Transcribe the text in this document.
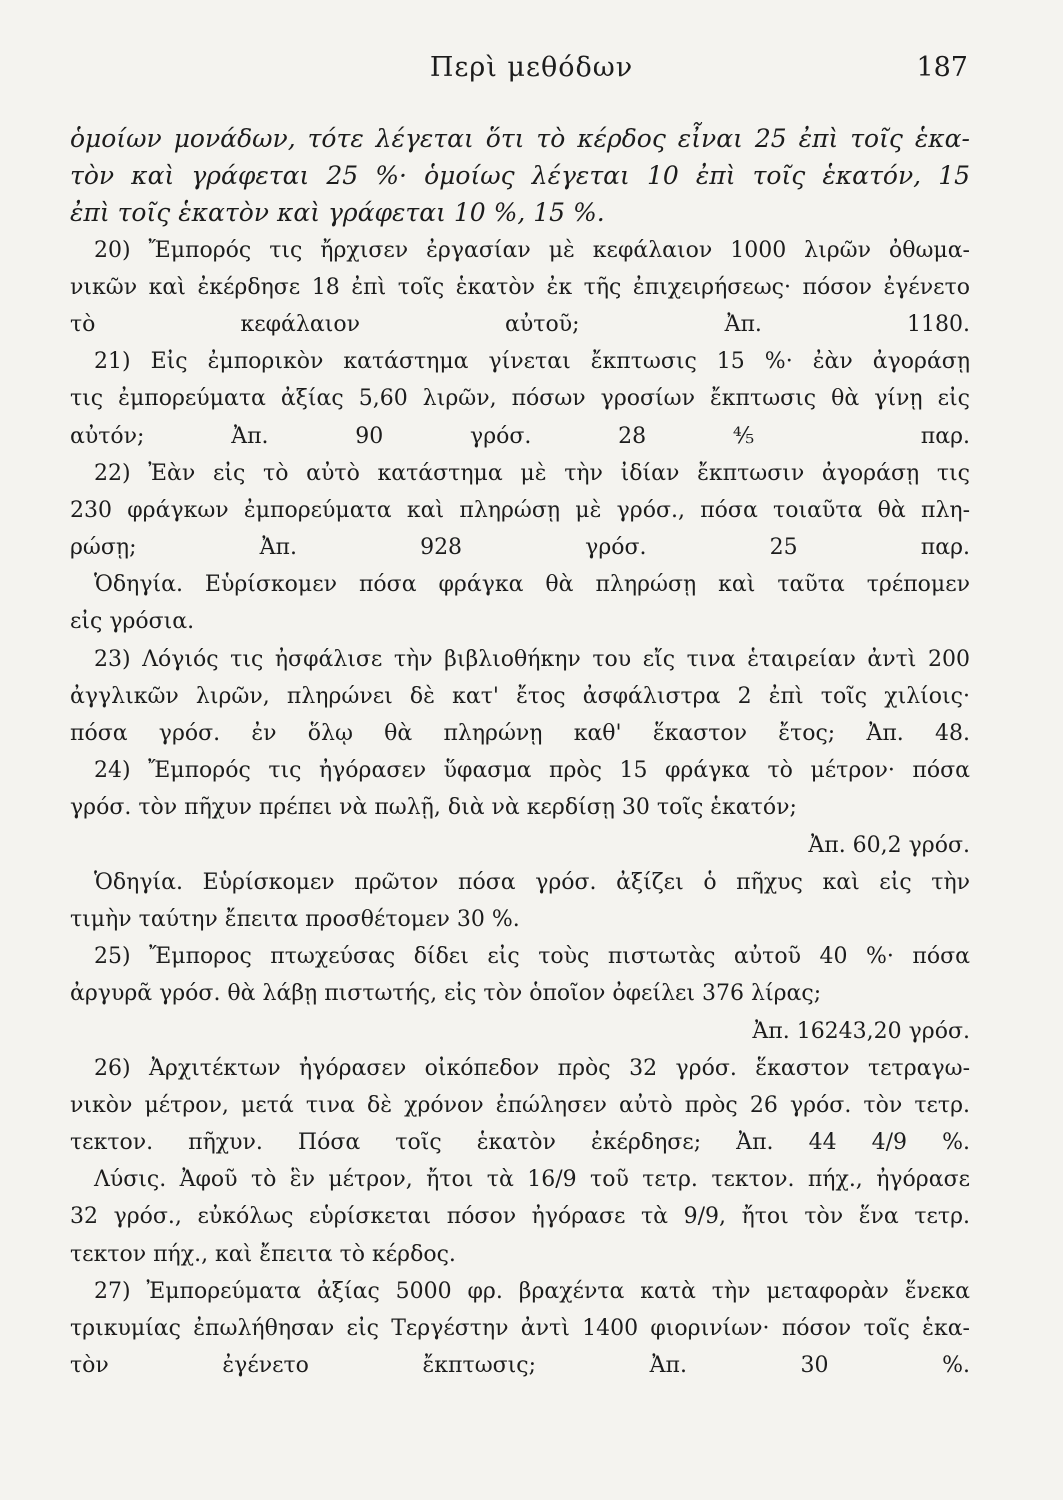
Περὶ μεθόδων	187
ὁμοίων μονάδων, τότε λέγεται ὅτι τὸ κέρδος εἶναι 25 ἐπὶ τοῖς ἑκα-
τὸν καὶ γράφεται 25 %· ὁμοίως λέγεται 10 ἐπὶ τοῖς ἑκατόν, 15
ἐπὶ τοῖς ἑκατὸν καὶ γράφεται 10 %, 15 %.
20) Ἔμπορός τις ἤρχισεν ἐργασίαν μὲ κεφάλαιον 1000 λιρῶν ὀθωμα-
νικῶν καὶ ἐκέρδησε 18 ἐπὶ τοῖς ἑκατὸν ἐκ τῆς ἐπιχειρήσεως· πόσον ἐγένετο
τὸ κεφάλαιον αὐτοῦ; Ἀπ. 1180.
21) Εἰς ἐμπορικὸν κατάστημα γίνεται ἔκπτωσις 15 %· ἐὰν ἀγοράσῃ
τις ἐμπορεύματα ἀξίας 5,60 λιρῶν, πόσων γροσίων ἔκπτωσις θὰ γίνῃ εἰς
αὐτόν; Ἀπ. 90 γρόσ. 28 ⅘ παρ.
22) Ἐὰν εἰς τὸ αὐτὸ κατάστημα μὲ τὴν ἰδίαν ἔκπτωσιν ἀγοράσῃ τις
230 φράγκων ἐμπορεύματα καὶ πληρώσῃ μὲ γρόσ., πόσα τοιαῦτα θὰ πλη-
ρώσῃ; Ἀπ. 928 γρόσ. 25 παρ.
Ὁδηγία. Εὑρίσκομεν πόσα φράγκα θὰ πληρώσῃ καὶ ταῦτα τρέπομεν
εἰς γρόσια.
23) Λόγιός τις ἠσφάλισε τὴν βιβλιοθήκην του εἴς τινα ἑταιρείαν ἀντὶ 200
ἀγγλικῶν λιρῶν, πληρώνει δὲ κατ' ἔτος ἀσφάλιστρα 2 ἐπὶ τοῖς χιλίοις·
πόσα γρόσ. ἐν ὅλῳ θὰ πληρώνῃ καθ' ἕκαστον ἔτος; Ἀπ. 48.
24) Ἔμπορός τις ἠγόρασεν ὕφασμα πρὸς 15 φράγκα τὸ μέτρον· πόσα
γρόσ. τὸν πῆχυν πρέπει νὰ πωλῇ, διὰ νὰ κερδίσῃ 30 τοῖς ἑκατόν;
Ἀπ. 60,2 γρόσ.
Ὁδηγία. Εὑρίσκομεν πρῶτον πόσα γρόσ. ἀξίζει ὁ πῆχυς καὶ εἰς τὴν
τιμὴν ταύτην ἔπειτα προσθέτομεν 30 %.
25) Ἔμπορος πτωχεύσας δίδει εἰς τοὺς πιστωτὰς αὐτοῦ 40 %· πόσα
ἀργυρᾶ γρόσ. θὰ λάβῃ πιστωτής, εἰς τὸν ὁποῖον ὀφείλει 376 λίρας;
Ἀπ. 16243,20 γρόσ.
26) Ἀρχιτέκτων ἠγόρασεν οἰκόπεδον πρὸς 32 γρόσ. ἕκαστον τετραγω-
νικὸν μέτρον, μετά τινα δὲ χρόνον ἐπώλησεν αὐτὸ πρὸς 26 γρόσ. τὸν τετρ.
τεκτον. πῆχυν. Πόσα τοῖς ἑκατὸν ἐκέρδησε; Ἀπ. 44 4/9 %.
Λύσις. Ἀφοῦ τὸ ἓν μέτρον, ἤτοι τὰ 16/9 τοῦ τετρ. τεκτον. πήχ., ἠγόρασε
32 γρόσ., εὐκόλως εὑρίσκεται πόσον ἠγόρασε τὰ 9/9, ἤτοι τὸν ἕνα τετρ.
τεκτον πήχ., καὶ ἔπειτα τὸ κέρδος.
27) Ἐμπορεύματα ἀξίας 5000 φρ. βραχέντα κατὰ τὴν μεταφορὰν ἕνεκα
τρικυμίας ἐπωλήθησαν εἰς Τεργέστην ἀντὶ 1400 φιορινίων· πόσον τοῖς ἑκα-
τὸν ἐγένετο ἔκπτωσις; Ἀπ. 30 %.
